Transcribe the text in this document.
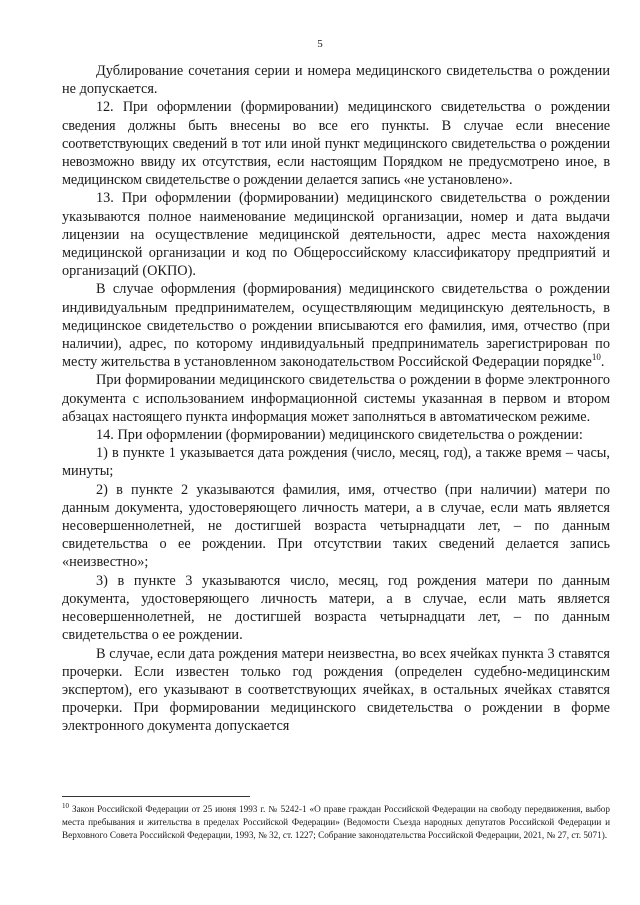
5

Дублирование сочетания серии и номера медицинского свидетельства о рождении не допускается.

12. При оформлении (формировании) медицинского свидетельства о рождении сведения должны быть внесены во все его пункты. В случае если внесение соответствующих сведений в тот или иной пункт медицинского свидетельства о рождении невозможно ввиду их отсутствия, если настоящим Порядком не предусмотрено иное, в медицинском свидетельстве о рождении делается запись «не установлено».

13. При оформлении (формировании) медицинского свидетельства о рождении указываются полное наименование медицинской организации, номер и дата выдачи лицензии на осуществление медицинской деятельности, адрес места нахождения медицинской организации и код по Общероссийскому классификатору предприятий и организаций (ОКПО).

В случае оформления (формирования) медицинского свидетельства о рождении индивидуальным предпринимателем, осуществляющим медицинскую деятельность, в медицинское свидетельство о рождении вписываются его фамилия, имя, отчество (при наличии), адрес, по которому индивидуальный предприниматель зарегистрирован по месту жительства в установленном законодательством Российской Федерации порядке$^{10}$.

При формировании медицинского свидетельства о рождении в форме электронного документа с использованием информационной системы указанная в первом и втором абзацах настоящего пункта информация может заполняться в автоматическом режиме.

14. При оформлении (формировании) медицинского свидетельства о рождении:

1) в пункте 1 указывается дата рождения (число, месяц, год), а также время – часы, минуты;

2) в пункте 2 указываются фамилия, имя, отчество (при наличии) матери по данным документа, удостоверяющего личность матери, а в случае, если мать является несовершеннолетней, не достигшей возраста четырнадцати лет, – по данным свидетельства о ее рождении. При отсутствии таких сведений делается запись «неизвестно»;

3) в пункте 3 указываются число, месяц, год рождения матери по данным документа, удостоверяющего личность матери, а в случае, если мать является несовершеннолетней, не достигшей возраста четырнадцати лет, – по данным свидетельства о ее рождении.

В случае, если дата рождения матери неизвестна, во всех ячейках пункта 3 ставятся прочерки. Если известен только год рождения (определен судебно-медицинским экспертом), его указывают в соответствующих ячейках, в остальных ячейках ставятся прочерки. При формировании медицинского свидетельства о рождении в форме электронного документа допускается

$^{10}$ Закон Российской Федерации от 25 июня 1993 г. № 5242-1 «О праве граждан Российской Федерации на свободу передвижения, выбор места пребывания и жительства в пределах Российской Федерации» (Ведомости Съезда народных депутатов Российской Федерации и Верховного Совета Российской Федерации, 1993, № 32, ст. 1227; Собрание законодательства Российской Федерации, 2021, № 27, ст. 5071).
